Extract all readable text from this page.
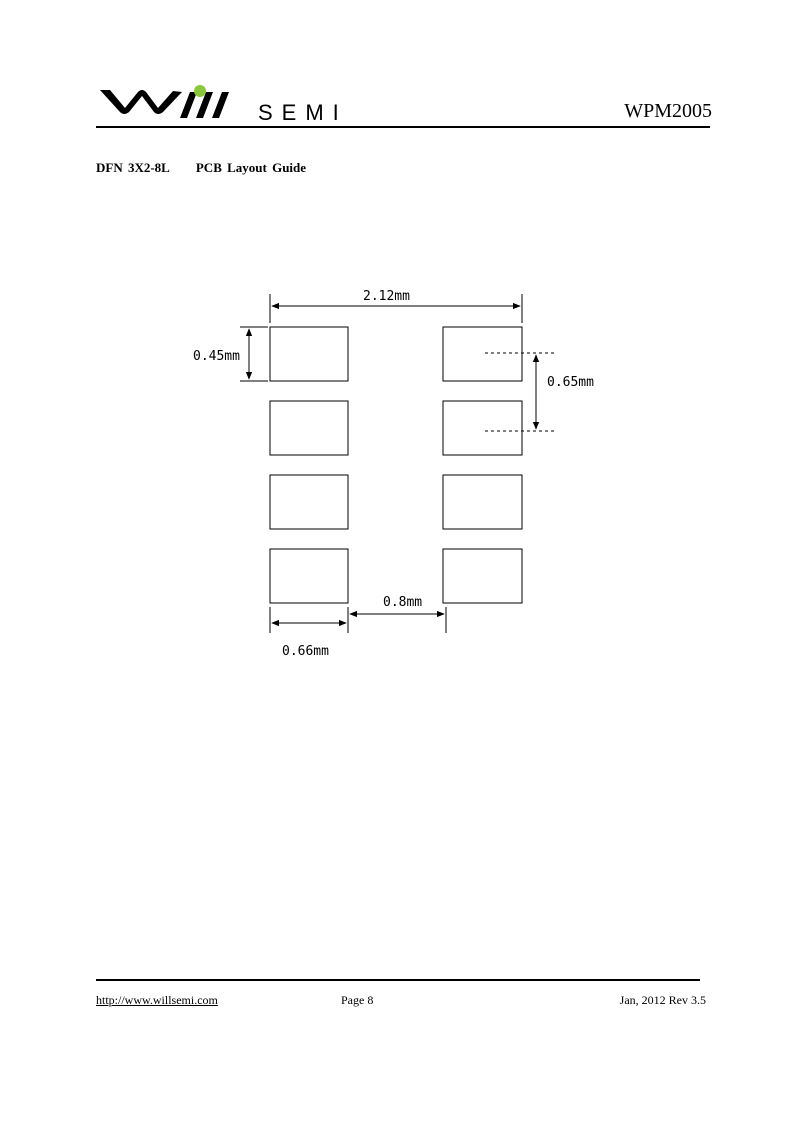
SEMI	WPM2005
DFN 3X2-8L PCB Layout Guide
2.12mm
0.45mm
0.65mm
0.8mm
0.66mm
http://www.willsemi.com	Page 8	Jan, 2012 Rev 3.5
